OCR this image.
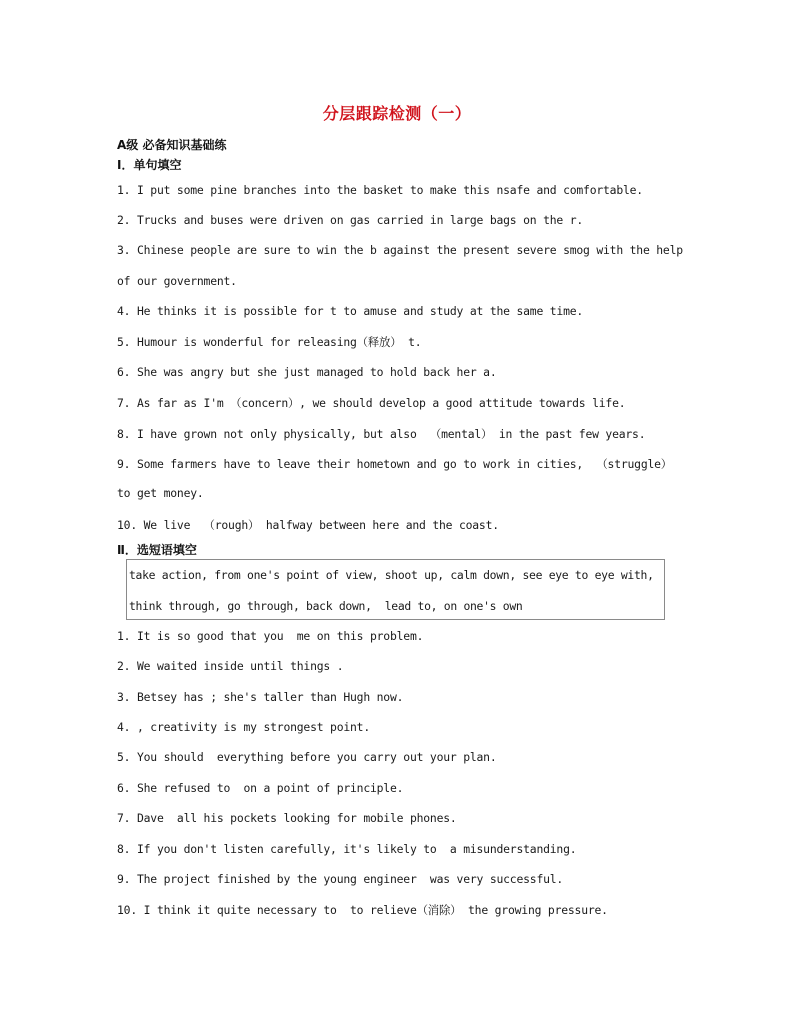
分层跟踪检测（一）
A级 必备知识基础练
Ⅰ．单句填空
1. I put some pine branches into the basket to make this nsafe and comfortable.
2. Trucks and buses were driven on gas carried in large bags on the r.
3. Chinese people are sure to win the b against the present severe smog with the help
of our government.
4. He thinks it is possible for t to amuse and study at the same time.
5. Humour is wonderful for releasing（释放） t.
6. She was angry but she just managed to hold back her a.
7. As far as I'm （concern）, we should develop a good attitude towards life.
8. I have grown not only physically, but also  （mental） in the past few years.
9. Some farmers have to leave their hometown and go to work in cities,  （struggle）
to get money.
10. We live  （rough） halfway between here and the coast.
Ⅱ．选短语填空
take action, from one's point of view, shoot up, calm down, see eye to eye with,
think through, go through, back down,  lead to, on one's own
1. It is so good that you  me on this problem.
2. We waited inside until things .
3. Betsey has ; she's taller than Hugh now.
4. , creativity is my strongest point.
5. You should  everything before you carry out your plan.
6. She refused to  on a point of principle.
7. Dave  all his pockets looking for mobile phones.
8. If you don't listen carefully, it's likely to  a misunderstanding.
9. The project finished by the young engineer  was very successful.
10. I think it quite necessary to  to relieve（消除） the growing pressure.
